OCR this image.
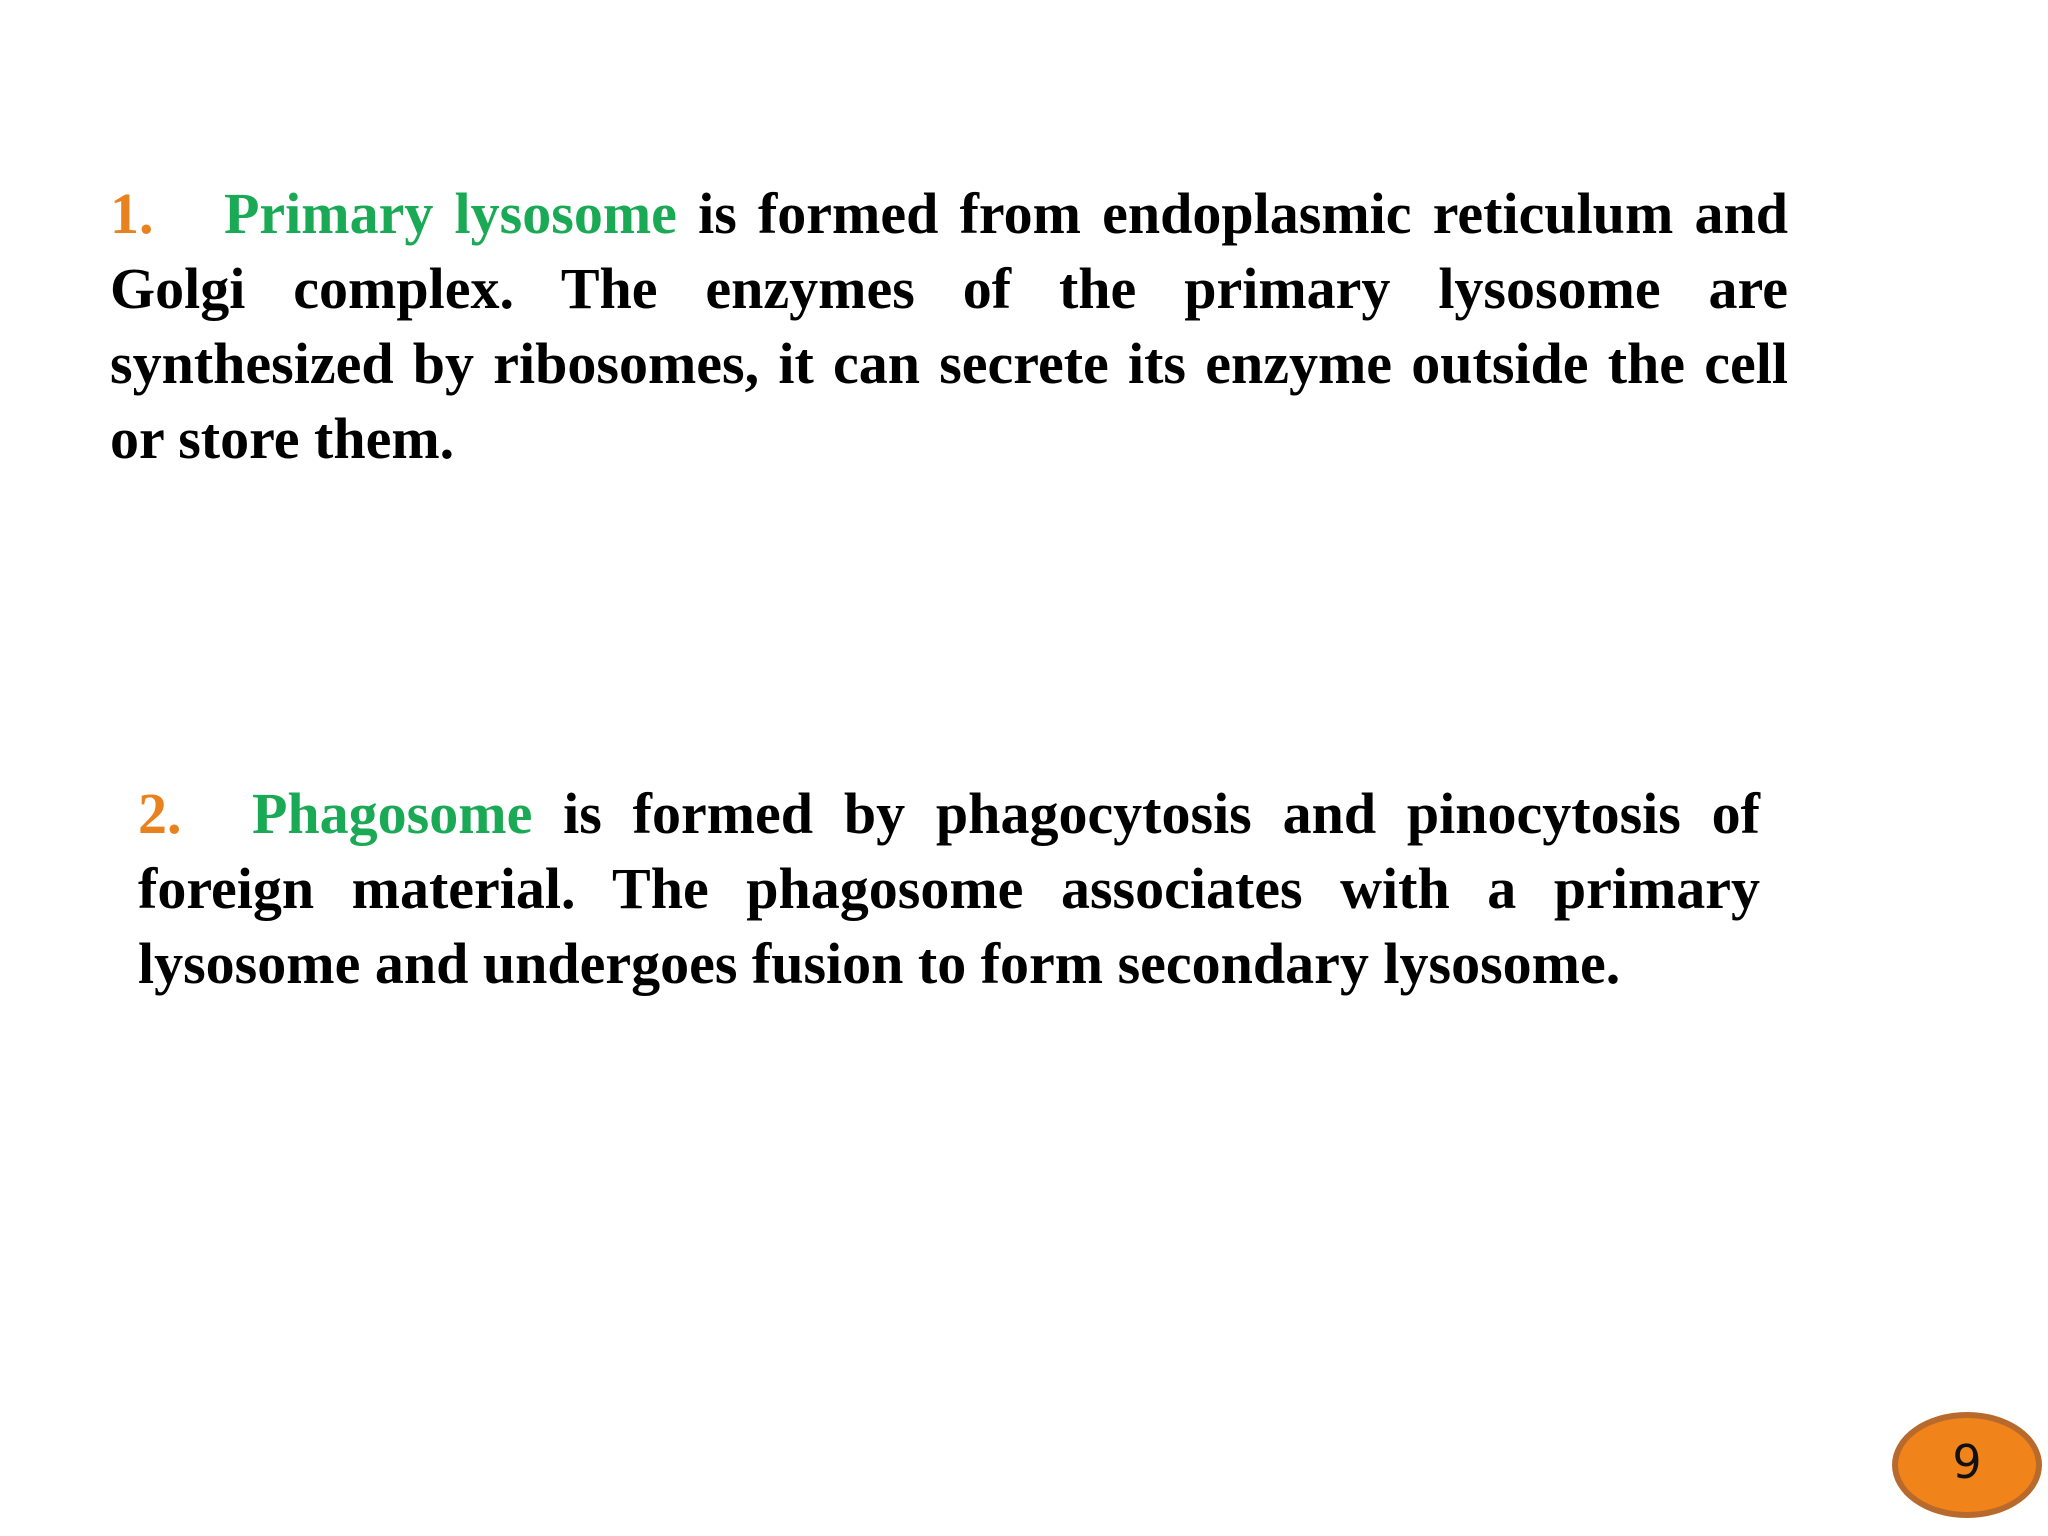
1. Primary lysosome is formed from endoplasmic reticulum and Golgi complex. The enzymes of the primary lysosome are synthesized by ribosomes, it can secrete its enzyme outside the cell or store them.

2. Phagosome is formed by phagocytosis and pinocytosis of foreign material. The phagosome associates with a primary lysosome and undergoes fusion to form secondary lysosome.

9
